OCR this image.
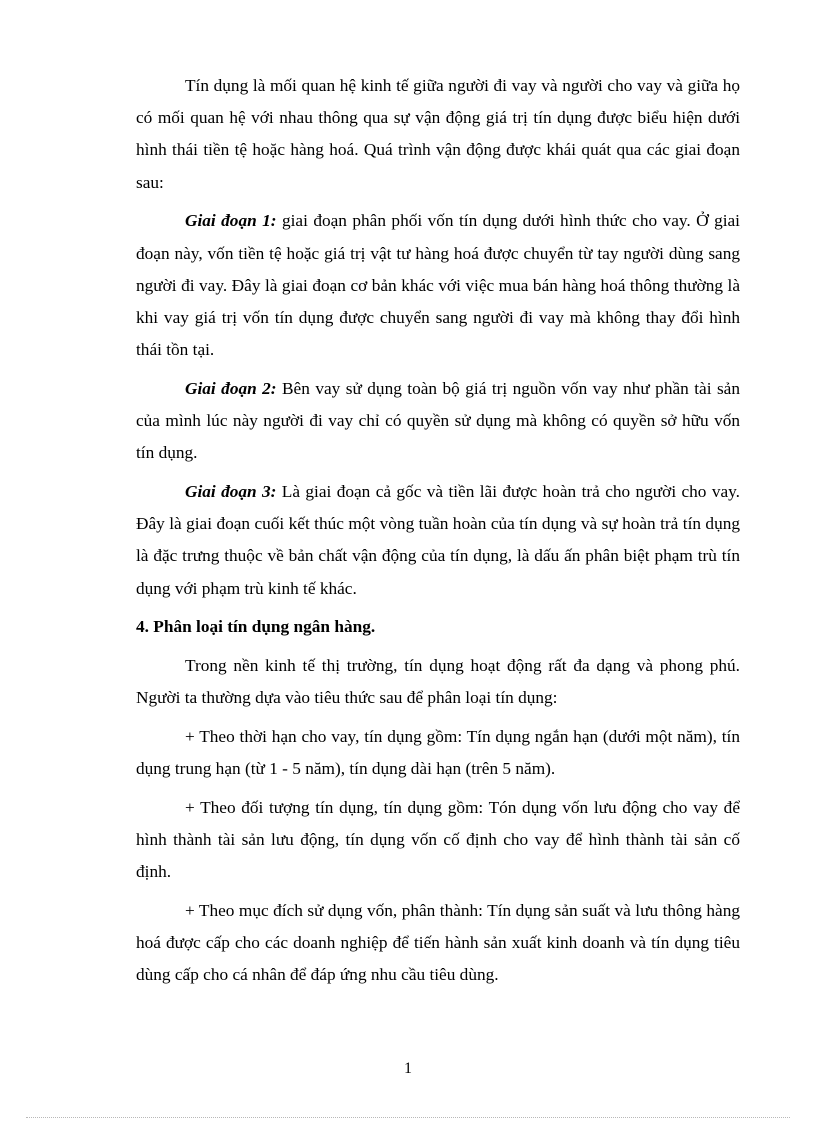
Tín dụng là mối quan hệ kinh tế giữa người đi vay và người cho vay và giữa họ có mối quan hệ với nhau thông qua sự vận động giá trị tín dụng được biểu hiện dưới hình thái tiền tệ hoặc hàng hoá. Quá trình vận động được khái quát qua các giai đoạn sau:

Giai đoạn 1: giai đoạn phân phối vốn tín dụng dưới hình thức cho vay. Ở giai đoạn này, vốn tiền tệ hoặc giá trị vật tư hàng hoá được chuyển từ tay người dùng sang người đi vay. Đây là giai đoạn cơ bản khác với việc mua bán hàng hoá thông thường là khi vay giá trị vốn tín dụng được chuyển sang người đi vay mà không thay đổi hình thái tồn tại.

Giai đoạn 2: Bên vay sử dụng toàn bộ giá trị nguồn vốn vay như phần tài sản của mình lúc này người đi vay chỉ có quyền sử dụng mà không có quyền sở hữu vốn tín dụng.

Giai đoạn 3: Là giai đoạn cả gốc và tiền lãi được hoàn trả cho người cho vay. Đây là giai đoạn cuối kết thúc một vòng tuần hoàn của tín dụng và sự hoàn trả tín dụng là đặc trưng thuộc về bản chất vận động của tín dụng, là dấu ấn phân biệt phạm trù tín dụng với phạm trù kinh tế khác.

4. Phân loại tín dụng ngân hàng.

Trong nền kinh tế thị trường, tín dụng hoạt động rất đa dạng và phong phú. Người ta thường dựa vào tiêu thức sau để phân loại tín dụng:

+ Theo thời hạn cho vay, tín dụng gồm: Tín dụng ngắn hạn (dưới một năm), tín dụng trung hạn (từ 1 - 5 năm), tín dụng dài hạn (trên 5 năm).

+ Theo đối tượng tín dụng, tín dụng gồm: Tón dụng vốn lưu động cho vay để hình thành tài sản lưu động, tín dụng vốn cố định cho vay để hình thành tài sản cố định.

+ Theo mục đích sử dụng vốn, phân thành: Tín dụng sản suất và lưu thông hàng hoá được cấp cho các doanh nghiệp để tiến hành sản xuất kinh doanh và tín dụng tiêu dùng cấp cho cá nhân để đáp ứng nhu cầu tiêu dùng.

1
